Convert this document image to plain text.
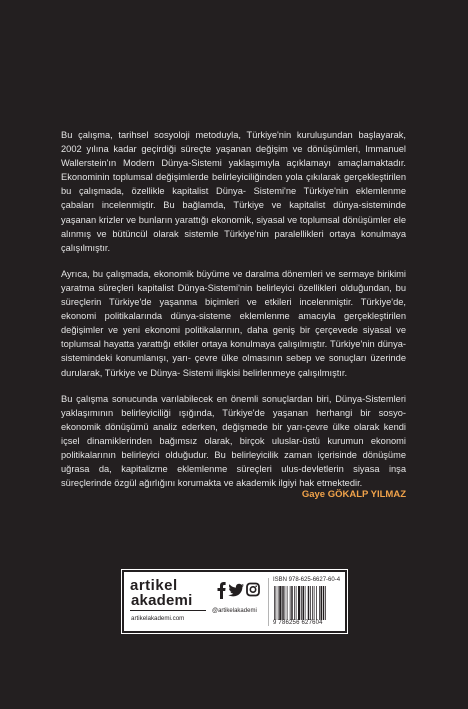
Bu çalışma, tarihsel sosyoloji metoduyla, Türkiye'nin kuruluşundan başlayarak, 2002 yılına kadar geçirdiği süreçte yaşanan değişim ve dönüşümleri, Immanuel Wallerstein'ın Modern Dünya-Sistemi yaklaşımıyla açıklamayı amaçlamaktadır. Ekonominin toplumsal değişimlerde belirleyiciliğinden yola çıkılarak gerçekleştirilen bu çalışmada, özellikle kapitalist Dünya- Sistemi'ne Türkiye'nin eklemlenme çabaları incelenmiştir. Bu bağlamda, Türkiye ve kapitalist dünya-sisteminde yaşanan krizler ve bunların yarattığı ekonomik, siyasal ve toplumsal dönüşümler ele alınmış ve bütüncül olarak sistemle Türkiye'nin paralellikleri ortaya konulmaya çalışılmıştır.

Ayrıca, bu çalışmada, ekonomik büyüme ve daralma dönemleri ve sermaye birikimi yaratma süreçleri kapitalist Dünya-Sistemi'nin belirleyici özellikleri olduğundan, bu süreçlerin Türkiye'de yaşanma biçimleri ve etkileri incelenmiştir. Türkiye'de, ekonomi politikalarında dünya-sisteme eklemlenme amacıyla gerçekleştirilen değişimler ve yeni ekonomi politikalarının, daha geniş bir çerçevede siyasal ve toplumsal hayatta yarattığı etkiler ortaya konulmaya çalışılmıştır. Türkiye'nin dünya-sistemindeki konumlanışı, yarı- çevre ülke olmasının sebep ve sonuçları üzerinde durularak, Türkiye ve Dünya- Sistemi ilişkisi belirlenmeye çalışılmıştır.

Bu çalışma sonucunda varılabilecek en önemli sonuçlardan biri, Dünya-Sistemleri yaklaşımının belirleyiciliği ışığında, Türkiye'de yaşanan herhangi bir sosyo-ekonomik dönüşümü analiz ederken, değişmede bir yarı-çevre ülke olarak kendi içsel dinamiklerinden bağımsız olarak, birçok uluslar-üstü kurumun ekonomi politikalarının belirleyici olduğudur. Bu belirleyicilik zaman içerisinde dönüşüme uğrasa da, kapitalizme eklemlenme süreçleri ulus-devletlerin siyasa inşa süreçlerinde özgül ağırlığını korumakta ve akademik ilgiyi hak etmektedir.

Gaye GÖKALP YILMAZ
artikel
akademi
artikelakademi.com
@artikelakademi
ISBN 978-625-6627-60-4
9 786256 627604
